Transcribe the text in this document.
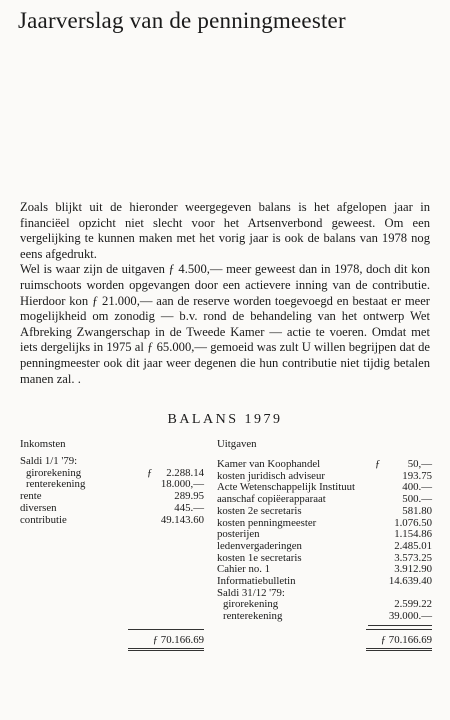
Jaarverslag van de penningmeester

Zoals blijkt uit de hieronder weergegeven balans is het afgelopen jaar in financiëel opzicht niet slecht voor het Artsenverbond geweest. Om een vergelijking te kunnen maken met het vorig jaar is ook de balans van 1978 nog eens afgedrukt.

Wel is waar zijn de uitgaven ƒ 4.500,— meer geweest dan in 1978, doch dit kon ruimschoots worden opgevangen door een actievere inning van de contributie. Hierdoor kon ƒ 21.000,— aan de reserve worden toegevoegd en bestaat er meer mogelijkheid om zonodig — b.v. rond de behandeling van het ontwerp Wet Afbreking Zwangerschap in de Tweede Kamer — actie te voeren. Omdat met iets dergelijks in 1975 al ƒ 65.000,— gemoeid was zult U willen begrijpen dat de penningmeester ook dit jaar weer degenen die hun contributie niet tijdig betalen manen zal. .

BALANS 1979
Inkomsten	Uitgaven
Saldi 1/1 '79:
girorekening	ƒ 2.288.14
renterekening	18.000,—
rente	289.95
diversen	445.—
contributie	49.143.60
Kamer van Koophandel	ƒ	50,—
kosten juridisch adviseur	193.75
Acte Wetenschappelijk Instituut	400.—
aanschaf copiëerapparaat	500.—
kosten 2e secretaris	581.80
kosten penningmeester	1.076.50
posterijen	1.154.86
ledenvergaderingen	2.485.01
kosten 1e secretaris	3.573.25
Cahier no. 1	3.912.90
Informatiebulletin	14.639.40
Saldi 31/12 '79:
girorekening	2.599.22
renterekening	39.000.—
ƒ 70.166.69	ƒ 70.166.69
